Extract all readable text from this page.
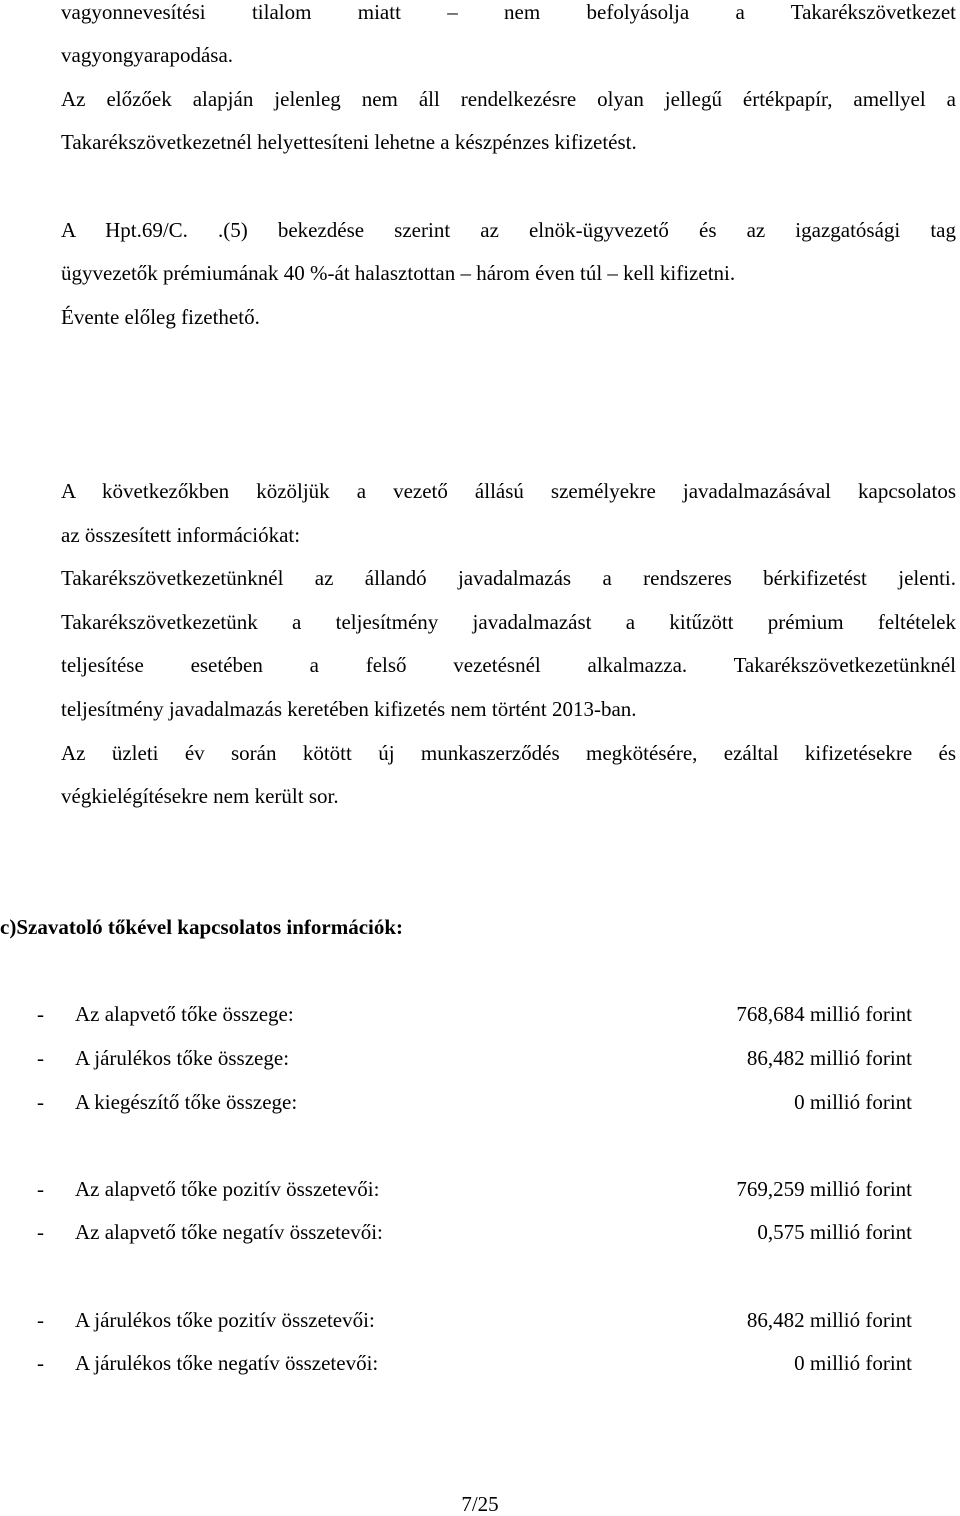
vagyonnevesítési tilalom miatt – nem befolyásolja a Takarékszövetkezet
vagyongyarapodása.
Az előzőek alapján jelenleg nem áll rendelkezésre olyan jellegű értékpapír, amellyel a
Takarékszövetkezetnél helyettesíteni lehetne a készpénzes kifizetést.
A Hpt.69/C. .(5) bekezdése szerint az elnök-ügyvezető és az igazgatósági tag
ügyvezetők prémiumának 40 %-át halasztottan – három éven túl – kell kifizetni.
Évente előleg fizethető.
A következőkben közöljük a vezető állású személyekre javadalmazásával kapcsolatos
az összesített információkat:
Takarékszövetkezetünknél az állandó javadalmazás a rendszeres bérkifizetést jelenti.
Takarékszövetkezetünk a teljesítmény javadalmazást a kitűzött prémium feltételek
teljesítése esetében a felső vezetésnél alkalmazza. Takarékszövetkezetünknél
teljesítmény javadalmazás keretében kifizetés nem történt 2013-ban.
Az üzleti év során kötött új munkaszerződés megkötésére, ezáltal kifizetésekre és
végkielégítésekre nem került sor.
c)Szavatoló tőkével kapcsolatos információk:
- Az alapvető tőke összege:	768,684 millió forint
- A járulékos tőke összege:	86,482 millió forint
- A kiegészítő tőke összege:	0 millió forint
- Az alapvető tőke pozitív összetevői:	769,259 millió forint
- Az alapvető tőke negatív összetevői:	0,575 millió forint
- A járulékos tőke pozitív összetevői:	86,482 millió forint
- A járulékos tőke negatív összetevői:	0 millió forint
7/25
